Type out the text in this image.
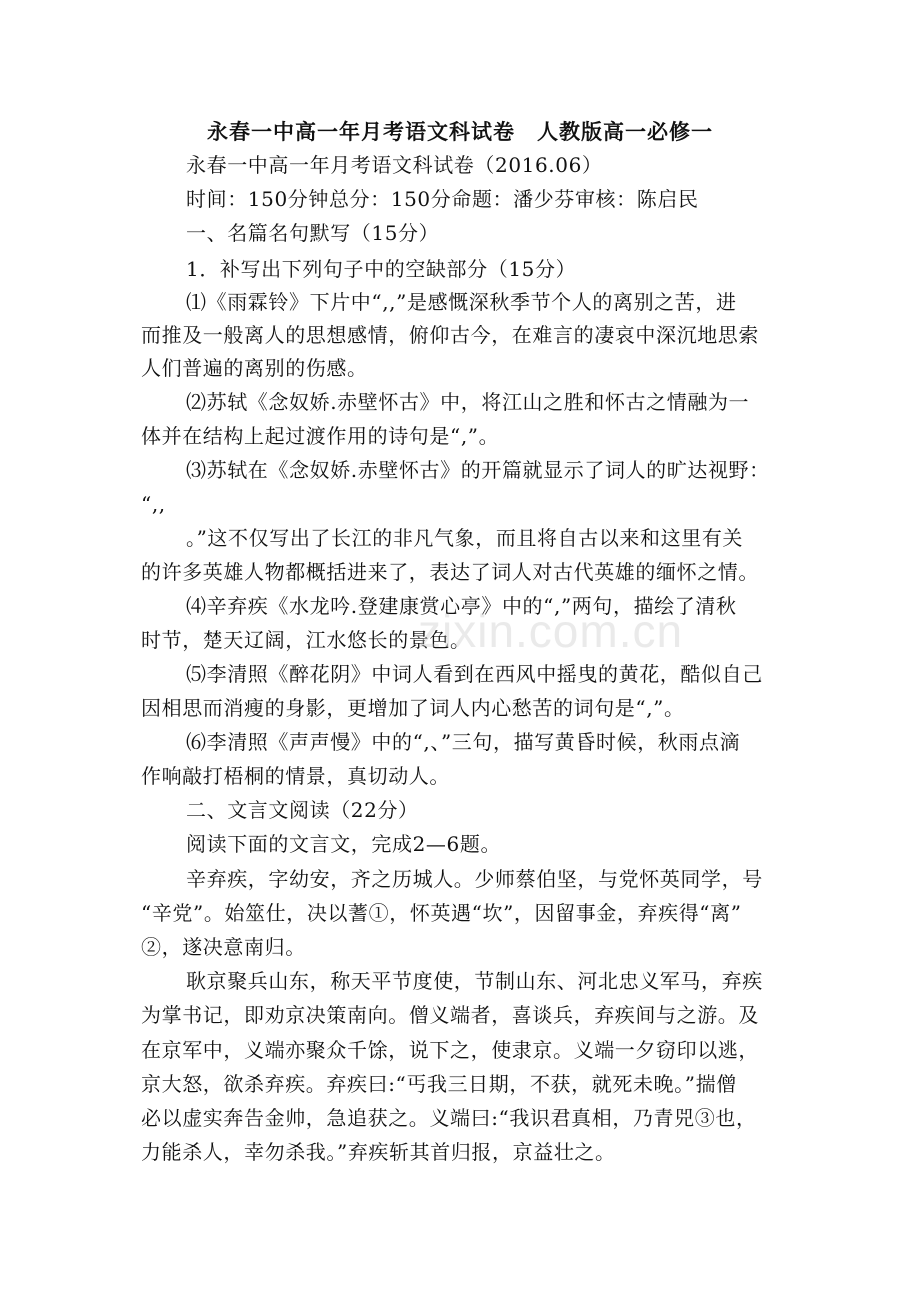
永春一中高一年月考语文科试卷　人教版高一必修一
永春一中高一年月考语文科试卷（2016.06）
时间：150分钟总分：150分命题：潘少芬审核：陈启民
一、名篇名句默写（15分）
1．补写出下列句子中的空缺部分（15分）
⑴《雨霖铃》下片中“,,”是感慨深秋季节个人的离别之苦，进
而推及一般离人的思想感情，俯仰古今，在难言的凄哀中深沉地思索
人们普遍的离别的伤感。
⑵苏轼《念奴娇.赤壁怀古》中，将江山之胜和怀古之情融为一
体并在结构上起过渡作用的诗句是“,”。
⑶苏轼在《念奴娇.赤壁怀古》的开篇就显示了词人的旷达视野：
“,,
。”这不仅写出了长江的非凡气象，而且将自古以来和这里有关
的许多英雄人物都概括进来了，表达了词人对古代英雄的缅怀之情。
⑷辛弃疾《水龙吟.登建康赏心亭》中的“,”两句，描绘了清秋
时节，楚天辽阔，江水悠长的景色。
⑸李清照《醉花阴》中词人看到在西风中摇曳的黄花，酷似自己
因相思而消瘦的身影，更增加了词人内心愁苦的词句是“,”。
⑹李清照《声声慢》中的“,、”三句，描写黄昏时候，秋雨点滴
作响敲打梧桐的情景，真切动人。
二、文言文阅读（22分）
阅读下面的文言文，完成2—6题。
辛弃疾，字幼安，齐之历城人。少师蔡伯坚，与党怀英同学，号
“辛党”。始筮仕，决以蓍①，怀英遇“坎”，因留事金，弃疾得“离”
②，遂决意南归。
耿京聚兵山东，称天平节度使，节制山东、河北忠义军马，弃疾
为掌书记，即劝京决策南向。僧义端者，喜谈兵，弃疾间与之游。及
在京军中，义端亦聚众千馀，说下之，使隶京。义端一夕窃印以逃，
京大怒，欲杀弃疾。弃疾曰:“丐我三日期，不获，就死未晚。”揣僧
必以虚实奔告金帅，急追获之。义端曰:“我识君真相，乃青兕③也，
力能杀人，幸勿杀我。”弃疾斩其首归报，京益壮之。
zixin.com.cn
